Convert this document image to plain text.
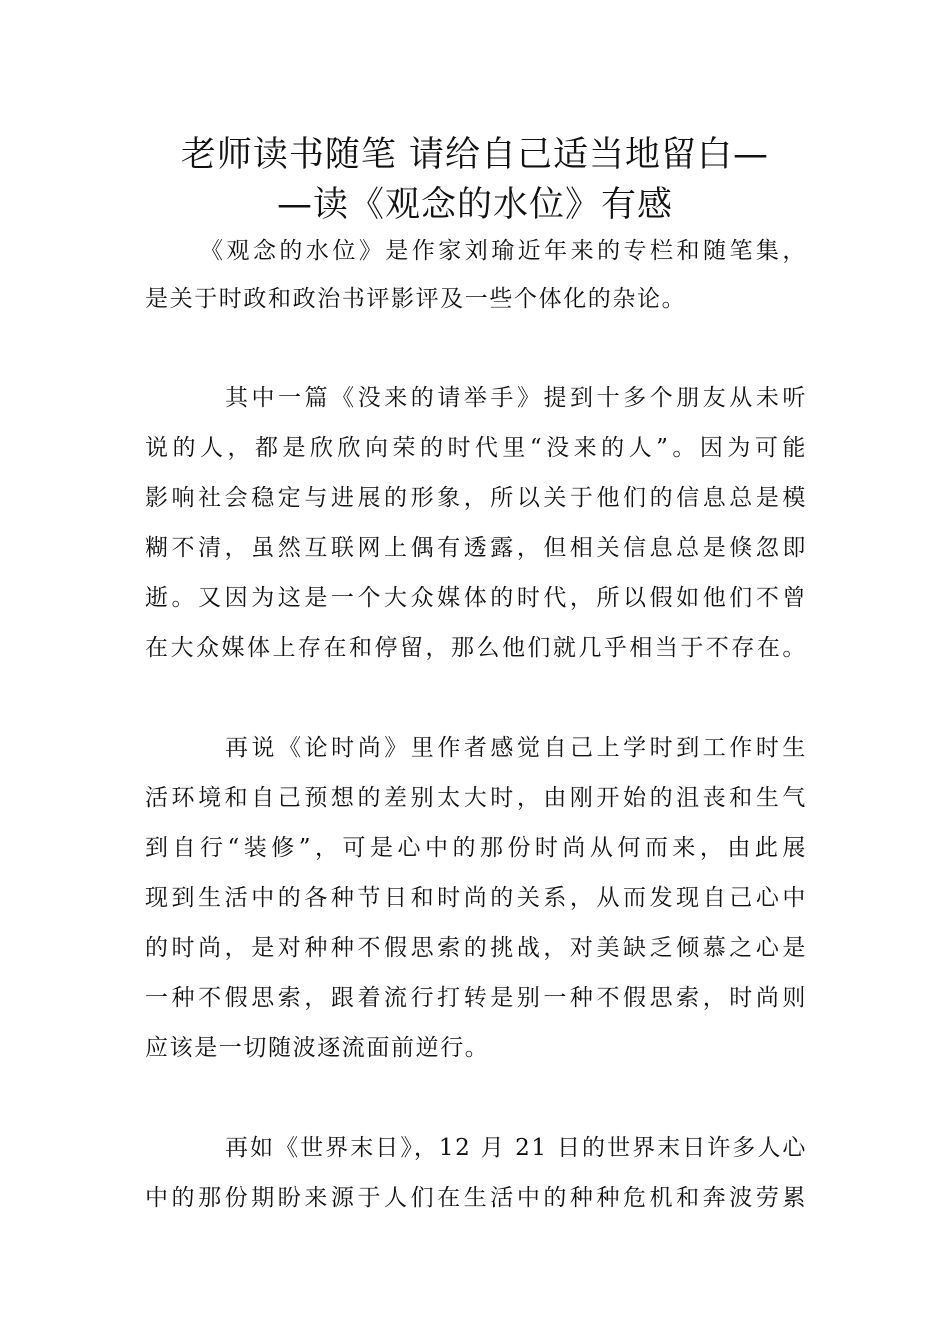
老师读书随笔 请给自己适当地留白—
—读《观念的水位》有感
《观念的水位》是作家刘瑜近年来的专栏和随笔集，
是关于时政和政治书评影评及一些个体化的杂论。
其中一篇《没来的请举手》提到十多个朋友从未听
说的人，都是欣欣向荣的时代里“没来的人”。因为可能
影响社会稳定与进展的形象，所以关于他们的信息总是模
糊不清，虽然互联网上偶有透露，但相关信息总是倏忽即
逝。又因为这是一个大众媒体的时代，所以假如他们不曾
在大众媒体上存在和停留，那么他们就几乎相当于不存在。
再说《论时尚》里作者感觉自己上学时到工作时生
活环境和自己预想的差别太大时，由刚开始的沮丧和生气
到自行“装修”，可是心中的那份时尚从何而来，由此展
现到生活中的各种节日和时尚的关系，从而发现自己心中
的时尚，是对种种不假思索的挑战，对美缺乏倾慕之心是
一种不假思索，跟着流行打转是别一种不假思索，时尚则
应该是一切随波逐流面前逆行。
再如《世界末日》，12 月 21 日的世界末日许多人心
中的那份期盼来源于人们在生活中的种种危机和奔波劳累
